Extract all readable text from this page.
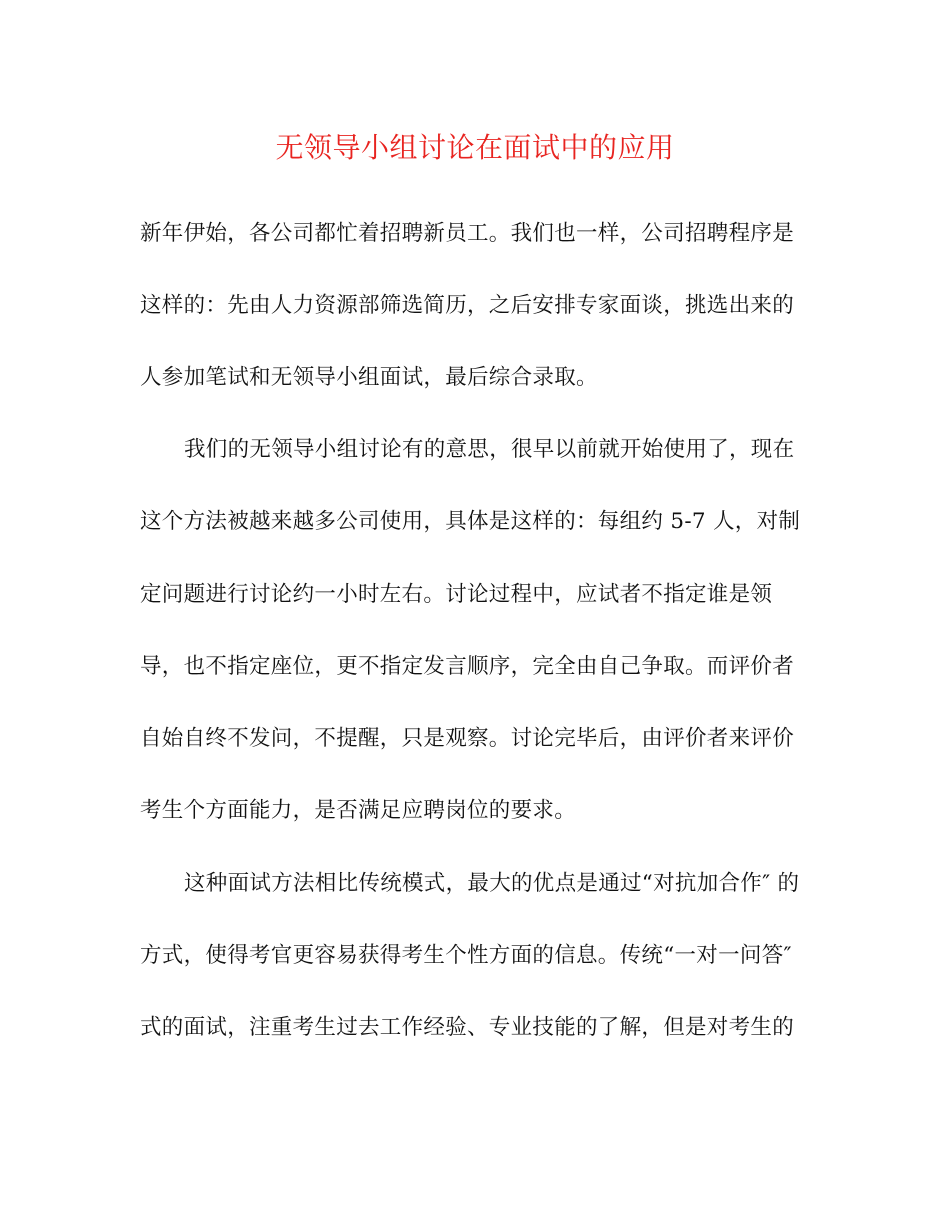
无领导小组讨论在面试中的应用
新年伊始，各公司都忙着招聘新员工。我们也一样，公司招聘程序是
这样的：先由人力资源部筛选简历，之后安排专家面谈，挑选出来的
人参加笔试和无领导小组面试，最后综合录取。
我们的无领导小组讨论有的意思，很早以前就开始使用了，现在
这个方法被越来越多公司使用，具体是这样的：每组约 5-7 人，对制
定问题进行讨论约一小时左右。讨论过程中，应试者不指定谁是领
导，也不指定座位，更不指定发言顺序，完全由自己争取。而评价者
自始自终不发问，不提醒，只是观察。讨论完毕后，由评价者来评价
考生个方面能力，是否满足应聘岗位的要求。
这种面试方法相比传统模式，最大的优点是通过“对抗加合作″ 的
方式，使得考官更容易获得考生个性方面的信息。传统“一对一问答″
式的面试，注重考生过去工作经验、专业技能的了解，但是对考生的
